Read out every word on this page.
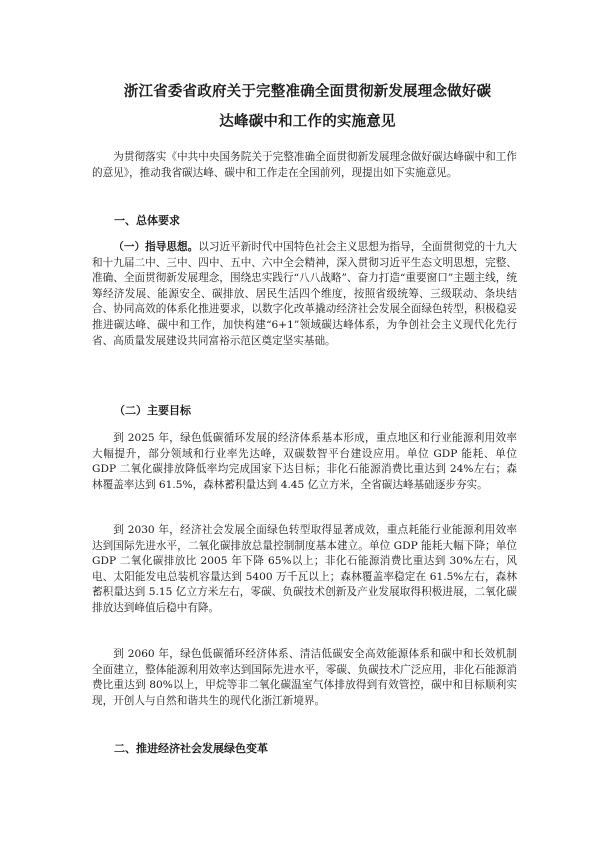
浙江省委省政府关于完整准确全面贯彻新发展理念做好碳
达峰碳中和工作的实施意见

为贯彻落实《中共中央国务院关于完整准确全面贯彻新发展理念做好碳达峰碳中和工作的意见》，推动我省碳达峰、碳中和工作走在全国前列，现提出如下实施意见。

一、总体要求

（一）指导思想。以习近平新时代中国特色社会主义思想为指导，全面贯彻党的十九大和十九届二中、三中、四中、五中、六中全会精神，深入贯彻习近平生态文明思想，完整、准确、全面贯彻新发展理念，围绕忠实践行“八八战略”、奋力打造“重要窗口”主题主线，统筹经济发展、能源安全、碳排放、居民生活四个维度，按照省级统筹、三级联动、条块结合、协同高效的体系化推进要求，以数字化改革撬动经济社会发展全面绿色转型，积极稳妥推进碳达峰、碳中和工作，加快构建“6+1”领域碳达峰体系，为争创社会主义现代化先行省、高质量发展建设共同富裕示范区奠定坚实基础。

（二）主要目标

到 2025 年，绿色低碳循环发展的经济体系基本形成，重点地区和行业能源利用效率大幅提升，部分领域和行业率先达峰，双碳数智平台建设应用。单位 GDP 能耗、单位 GDP 二氧化碳排放降低率均完成国家下达目标；非化石能源消费比重达到 24%左右；森林覆盖率达到 61.5%，森林蓄积量达到 4.45 亿立方米，全省碳达峰基础逐步夯实。

到 2030 年，经济社会发展全面绿色转型取得显著成效，重点耗能行业能源利用效率达到国际先进水平，二氧化碳排放总量控制制度基本建立。单位 GDP 能耗大幅下降；单位 GDP 二氧化碳排放比 2005 年下降 65%以上；非化石能源消费比重达到 30%左右，风电、太阳能发电总装机容量达到 5400 万千瓦以上；森林覆盖率稳定在 61.5%左右，森林蓄积量达到 5.15 亿立方米左右，零碳、负碳技术创新及产业发展取得积极进展，二氧化碳排放达到峰值后稳中有降。

到 2060 年，绿色低碳循环经济体系、清洁低碳安全高效能源体系和碳中和长效机制全面建立，整体能源利用效率达到国际先进水平，零碳、负碳技术广泛应用，非化石能源消费比重达到 80%以上，甲烷等非二氧化碳温室气体排放得到有效管控，碳中和目标顺利实现，开创人与自然和谐共生的现代化浙江新境界。

二、推进经济社会发展绿色变革
